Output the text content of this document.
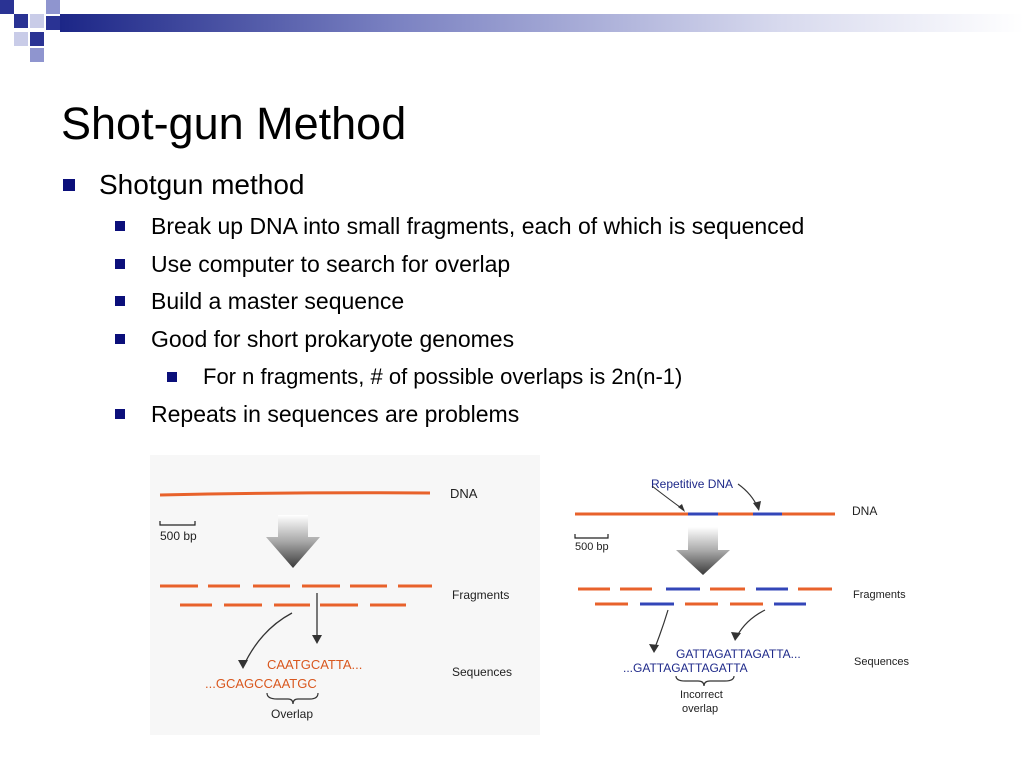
Shot-gun Method
Shotgun method
Break up DNA into small fragments, each of which is sequenced
Use computer to search for overlap
Build a master sequence
Good for short prokaryote genomes
For n fragments, # of possible overlaps is 2n(n-1)
Repeats in sequences are problems
DNA
500 bp
Fragments
CAATGCATTA...
...GCAGCCAATGC
Sequences
Overlap
Repetitive DNA
DNA
500 bp
Fragments
GATTAGATTAGATTA...
...GATTAGATTAGATTA	Sequences
Incorrect
overlap
